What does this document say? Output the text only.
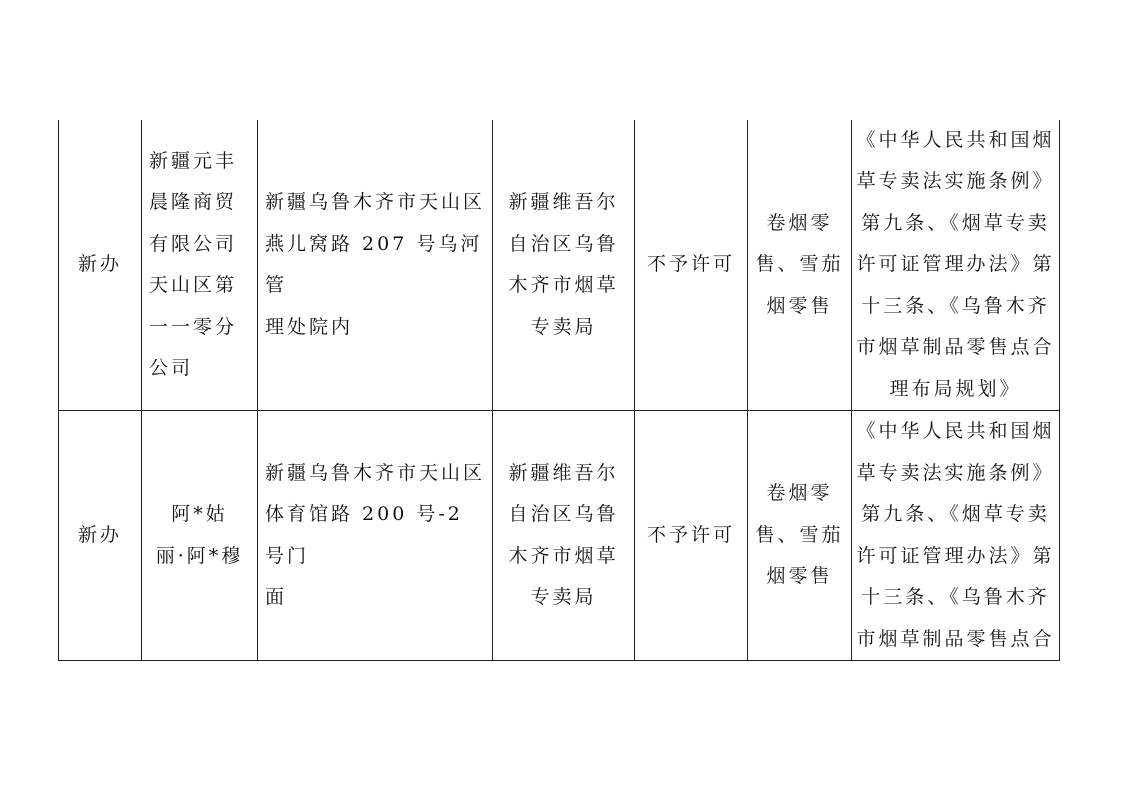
新办
新疆元丰
晨隆商贸
有限公司
天山区第
一一零分
公司
新疆乌鲁木齐市天山区
燕儿窝路 207 号乌河管
理处院内
新疆维吾尔
自治区乌鲁
木齐市烟草
专卖局
不予许可
卷烟零
售、雪茄
烟零售
《中华人民共和国烟
草专卖法实施条例》
第九条、《烟草专卖
许可证管理办法》第
十三条、《乌鲁木齐
市烟草制品零售点合
理布局规划》
新办
阿*姑
丽·阿*穆
新疆乌鲁木齐市天山区
体育馆路 200 号-2 号门
面
新疆维吾尔
自治区乌鲁
木齐市烟草
专卖局
不予许可
卷烟零
售、雪茄
烟零售
《中华人民共和国烟
草专卖法实施条例》
第九条、《烟草专卖
许可证管理办法》第
十三条、《乌鲁木齐
市烟草制品零售点合
